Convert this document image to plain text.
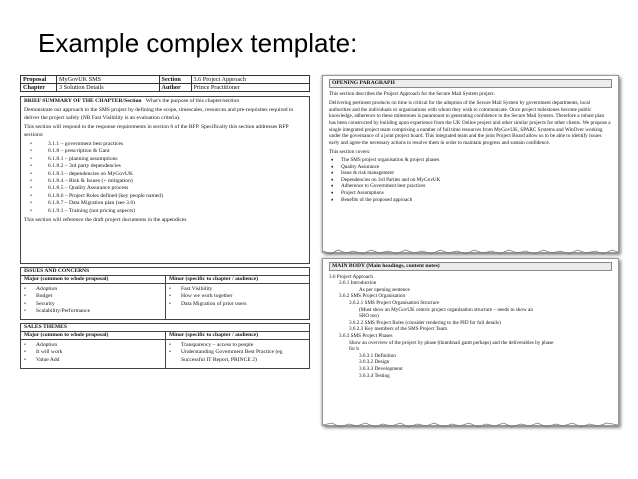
Example complex template:
Proposal	MyGovUK SMS	Section	3.6 Project Approach
Chapter	3 Solution Details	Author	Prince Practitioner

BRIEF SUMMARY OF THE CHAPTER/Section What's the purpose of this chapter/section

Demonstrate our approach to the SMS project by defining the scope, timescales, resources and pre-requisites required to deliver the project safely (NB Fast Visibility is an evaluation criteria).

This section will respond to the response requirements in section 6 of the RFP. Specifically this section addresses RFP sections:

• 3.1.1 – government best practices
• 6.1.8 – prescription & Gant
• 6.1.8.1 – planning assumptions
• 6.1.8.2 – 3rd party dependencies
• 6.1.8.3 – dependencies on MyGovUK
• 6.1.8.4 – Risk & Issues (+ mitigation)
• 6.1.8.5 – Quality Assurance process
• 6.1.8.6 – Project Roles defined (key people named)
• 6.1.8.7 – Data Migration plan (see 3.6)
• 6.1.9.1 – Training (not pricing aspects)

This section will reference the draft project documents in the appendices

ISSUES AND CONCERNS
Major (common to whole proposal)
• Adoption
• Budget
• Security
• Scalability/Performance
Minor (specific to chapter / audience)
• Fast Visibility
• How we work together
• Data Migration of prior users
SALES THEMES
Major (common to whole proposal)
• Adoption
• It will work
• Value Add
Minor (specific to chapter / audience)
• Transparency – access to people
• Understanding Government Best Practice (eg Successful IT Report, PRINCE 2)
OPENING PARAGRAPH
This section describes the Project Approach for the Secure Mail System project.
Delivering pertinent products on time is critical for the adoption of the Secure Mail System by government departments, local authorities and the individuals or organisations with whom they wish to communicate. Once project milestones become public knowledge, adherence to these milestones is paramount to generating confidence in the Secure Mail System. Therefore a robust plan has been constructed by building upon experience from the UK Online project and other similar projects for other clients. We propose a single integrated project team comprising a number of full time resources from MyGovUK, SPARC Systems and WinOver working under the governance of a joint project board. This integrated team and the joint Project Board allow us to be able to identify issues early and agree the necessary actions to resolve them in order to maintain progress and sustain confidence.
This section covers:
♦ The SMS project organisation & project phases
♦ Quality Assurance
♦ Issue & risk management
♦ Dependencies on 3rd Parties and on MyGovUK
♦ Adherence to Government best practices
♦ Project Assumptions
♦ Benefits of the proposed approach
MAIN BODY (Main headings, content notes)
3.6 Project Approach
3.6.1 Introduction
As per opening sentence
3.6.2 SMS Project Organisation
3.6.2.1 SMS Project Organisation Structure
(Must show an MyGovUK centric project organisation structure – needs to show an
SRO too)
3.6.2.2 SMS Project Roles (consider rendering to the PID for full details)
3.6.2.3 Key members of the SMS Project Team
3.6.3 SMS Project Phases
Show an overview of the project by phase (thumbnail gantt perhaps) and the deliverables by phase
for b
3.6.3.1 Definition
3.6.3.2 Design
3.6.3.3 Development
3.6.3.4 Testing
